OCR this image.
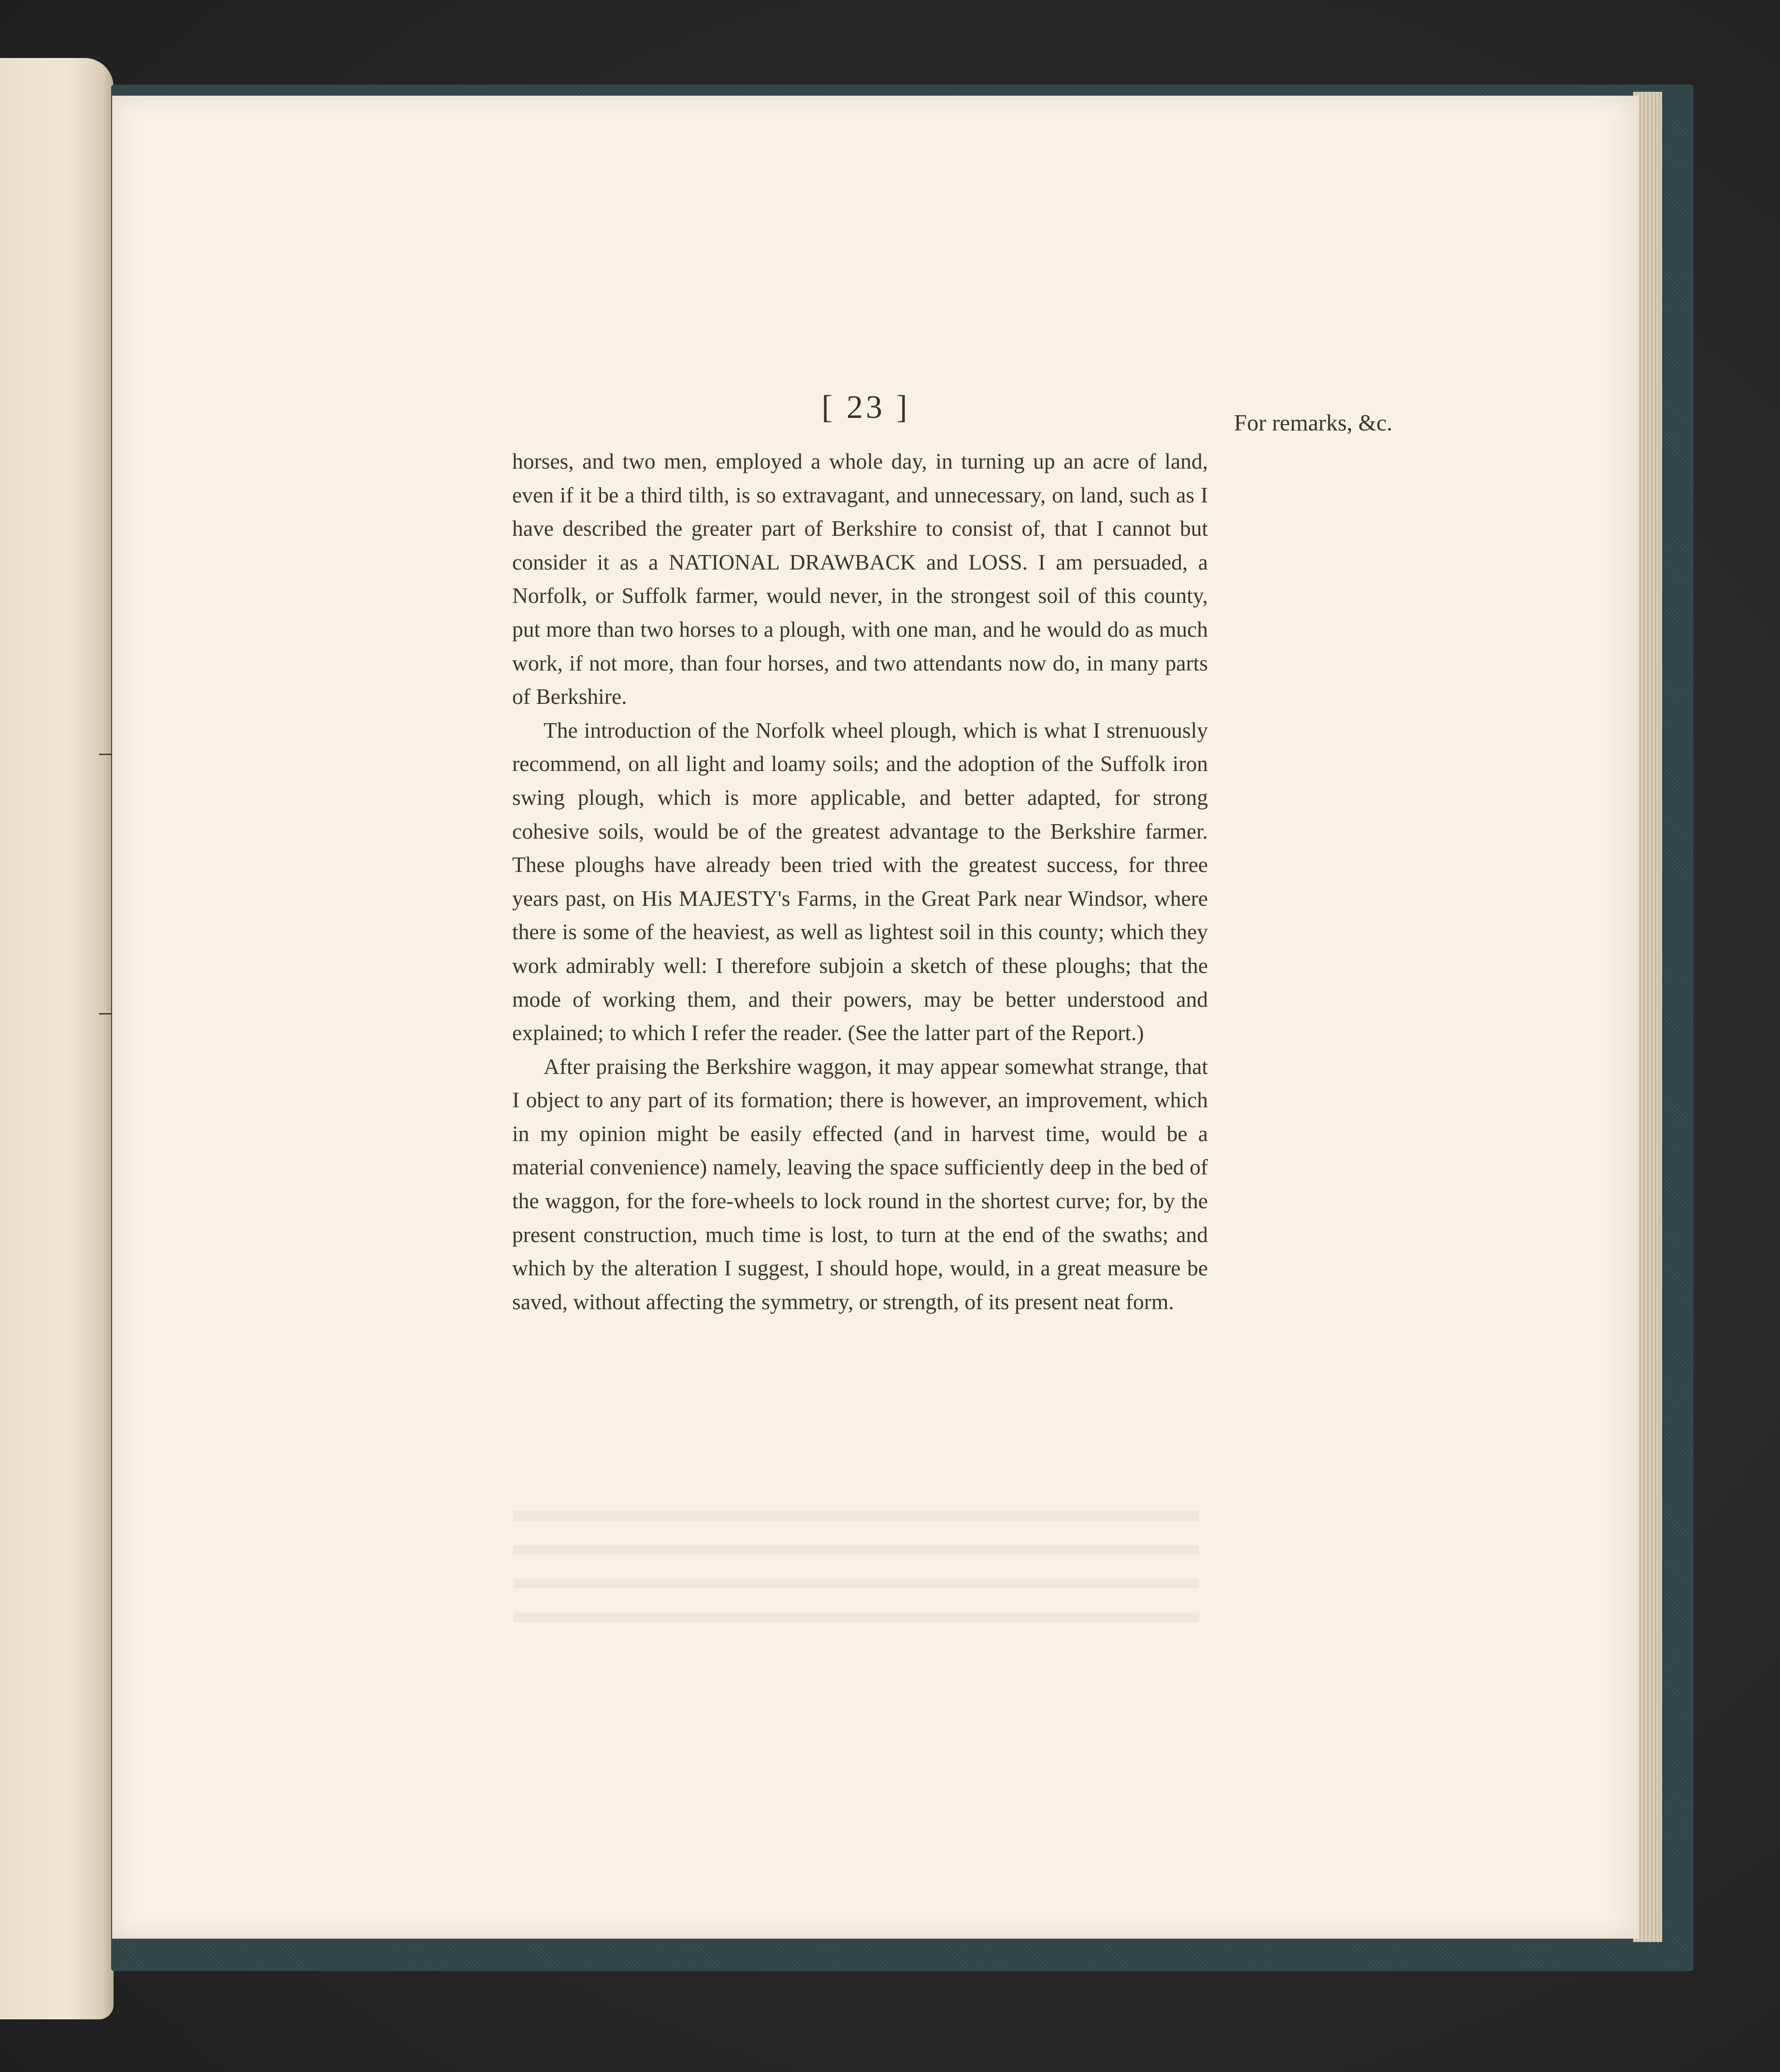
[ 23 ]	For remarks, &c.

horses, and two men, employed a whole day, in turning up an acre of land, even if it be a third tilth, is so extravagant, and unnecessary, on land, such as I have described the greater part of Berkshire to consist of, that I cannot but consider it as a NATIONAL DRAWBACK and LOSS. I am persuaded, a Norfolk, or Suffolk farmer, would never, in the strongest soil of this county, put more than two horses to a plough, with one man, and he would do as much work, if not more, than four horses, and two attendants now do, in many parts of Berkshire.

The introduction of the Norfolk wheel plough, which is what I strenuously recommend, on all light and loamy soils; and the adoption of the Suffolk iron swing plough, which is more applicable, and better adapted, for strong cohesive soils, would be of the greatest advantage to the Berkshire farmer. These ploughs have already been tried with the greatest success, for three years past, on His MAJESTY's Farms, in the Great Park near Windsor, where there is some of the heaviest, as well as lightest soil in this county; which they work admirably well: I therefore subjoin a sketch of these ploughs; that the mode of working them, and their powers, may be better understood and explained; to which I refer the reader. (See the latter part of the Report.)

After praising the Berkshire waggon, it may appear somewhat strange, that I object to any part of its formation; there is however, an improvement, which in my opinion might be easily effected (and in harvest time, would be a material convenience) namely, leaving the space sufficiently deep in the bed of the waggon, for the fore-wheels to lock round in the shortest curve; for, by the present construction, much time is lost, to turn at the end of the swaths; and which by the alteration I suggest, I should hope, would, in a great measure be saved, without affecting the symmetry, or strength, of its present neat form.
